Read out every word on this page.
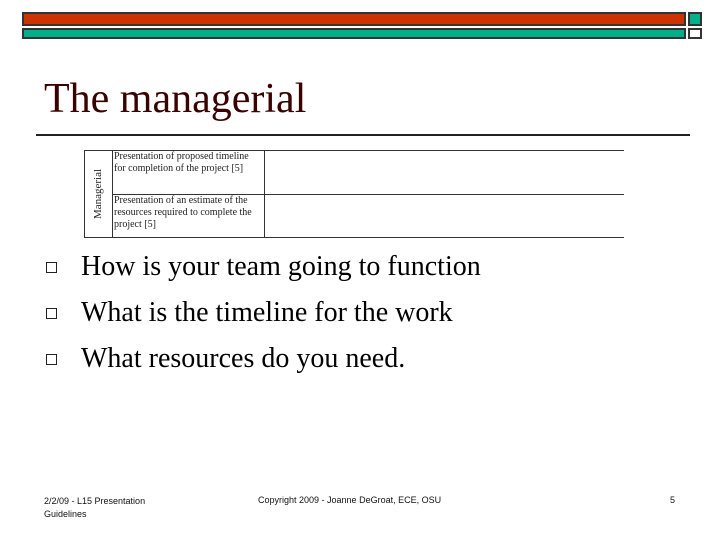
The managerial
Managerial
Presentation of proposed timeline for completion of the project [5]
Presentation of an estimate of the resources required to complete the project [5]
How is your team going to function
What is the timeline for the work
What resources do you need.
2/2/09 - L15 Presentation
Guidelines
Copyright 2009 - Joanne DeGroat, ECE, OSU	5
